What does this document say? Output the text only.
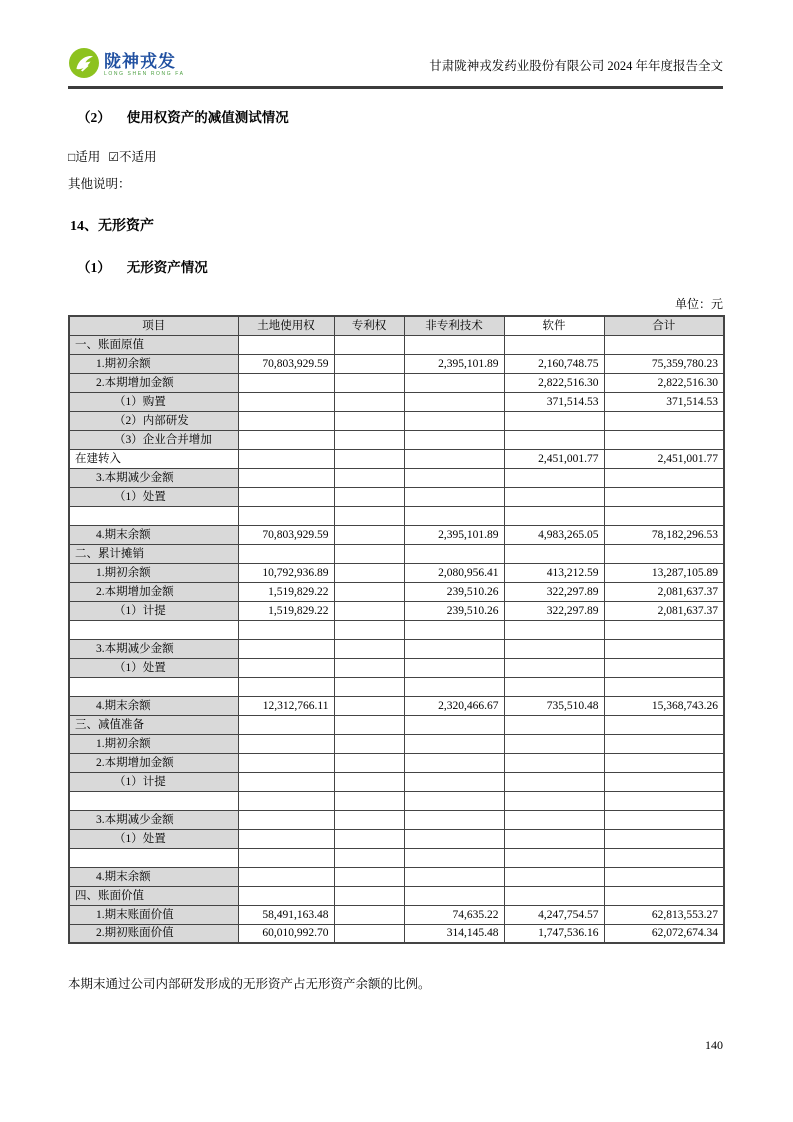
陇神戎发
LONG SHEN RONG FA
甘肃陇神戎发药业股份有限公司 2024 年年度报告全文
（2） 使用权资产的减值测试情况
□适用 ☑不适用
其他说明：
14、无形资产
（1） 无形资产情况
单位：元
项目	土地使用权	专利权	非专利技术	软件	合计
一、账面原值					
1.期初余额	70,803,929.59		2,395,101.89	2,160,748.75	75,359,780.23
2.本期增加金额				2,822,516.30	2,822,516.30
（1）购置				371,514.53	371,514.53
（2）内部研发					
（3）企业合并增加					
在建转入				2,451,001.77	2,451,001.77
3.本期减少金额					
（1）处置					

4.期末余额	70,803,929.59		2,395,101.89	4,983,265.05	78,182,296.53
二、累计摊销					
1.期初余额	10,792,936.89		2,080,956.41	413,212.59	13,287,105.89
2.本期增加金额	1,519,829.22		239,510.26	322,297.89	2,081,637.37
（1）计提	1,519,829.22		239,510.26	322,297.89	2,081,637.37

3.本期减少金额					
（1）处置					

4.期末余额	12,312,766.11		2,320,466.67	735,510.48	15,368,743.26
三、减值准备					
1.期初余额					
2.本期增加金额					
（1）计提					

3.本期减少金额					
（1）处置					

4.期末余额					
四、账面价值					
1.期末账面价值	58,491,163.48		74,635.22	4,247,754.57	62,813,553.27
2.期初账面价值	60,010,992.70		314,145.48	1,747,536.16	62,072,674.34
本期末通过公司内部研发形成的无形资产占无形资产余额的比例。
140
